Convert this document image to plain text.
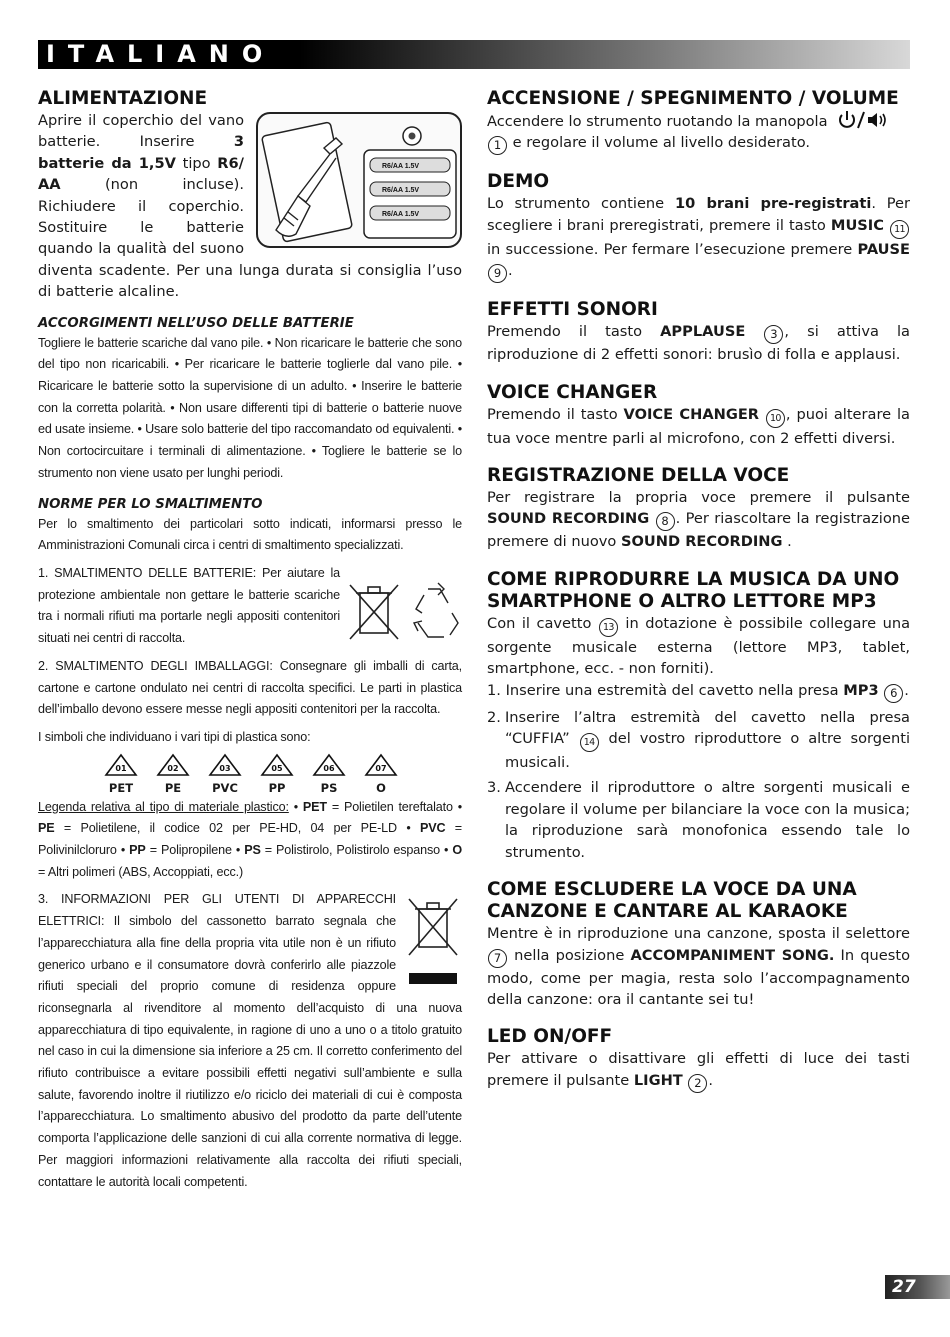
ITALIANO
ALIMENTAZIONE
R6/AA 1.5V
R6/AA 1.5V
R6/AA 1.5V

Aprire il coperchio del vano batterie. Inserire	3 batterie da 1,5V tipo R6/ AA	(non incluse). Richiudere il coperchio. Sostituire le batterie quando la qualità del suono diventa scadente. Per una lunga durata si consiglia l’uso di batterie alcaline.

ACCORGIMENTI NELL’USO DELLE BATTERIE

Togliere le batterie scariche dal vano pile. • Non ricaricare le batterie che sono del tipo non ricaricabili. • Per ricaricare le batterie toglierle dal vano pile. • Ricaricare le batterie sotto la supervisione di un adulto. • Inserire le batterie con la corretta polarità. • Non usare differenti tipi di batterie o batterie nuove ed usate insieme. • Usare solo batterie del tipo raccomandato od equivalenti. • Non cortocircuitare i terminali di alimentazione. • Togliere le batterie se lo strumento non viene usato per lunghi periodi.

NORME PER LO SMALTIMENTO

Per lo smaltimento dei particolari sotto indicati, informarsi presso le Amministrazioni Comunali circa i centri di smaltimento specializzati.

1. SMALTIMENTO DELLE BATTERIE: Per aiutare la protezione ambientale non gettare le batterie scariche tra i normali rifiuti ma portarle negli appositi contenitori situati nei centri di raccolta.

2. SMALTIMENTO DEGLI IMBALLAGGI: Consegnare gli imballi di carta, cartone e cartone ondulato nei centri di raccolta specifici. Le parti in plastica dell’imballo devono essere messe negli appositi contenitori per la raccolta.

I simboli che individuano i vari tipi di plastica sono:

01
PET
02
PE
03
PVC
05
PP
06
PS
07
O

Legenda relativa al tipo di materiale plastico: • PET = Polietilen tereftalato • PE = Polietilene, il codice 02 per PE-HD, 04 per PE-LD • PVC = Polivinilcloruro • PP = Polipropilene • PS = Polistirolo, Polistirolo espanso • O = Altri polimeri (ABS, Accoppiati, ecc.)

3. INFORMAZIONI PER GLI UTENTI DI APPARECCHI ELETTRICI: Il simbolo del cassonetto barrato segnala che l’apparecchiatura alla fine della propria vita utile non è un rifiuto generico urbano e il consumatore dovrà conferirlo alle piazzole rifiuti speciali del proprio comune di residenza oppure riconsegnarla al rivenditore al momento dell’acquisto di una nuova apparecchiatura di tipo equivalente, in ragione di uno a uno o a titolo gratuito nel caso in cui la dimensione sia inferiore a 25 cm. Il corretto conferimento del rifiuto contribuisce a evitare possibili effetti negativi sull’ambiente e sulla salute, favorendo inoltre il riutilizzo e/o riciclo dei materiali di cui è composta l’apparecchiatura. Lo smaltimento abusivo del prodotto da parte dell’utente comporta l’applicazione delle sanzioni di cui alla corrente normativa di legge. Per maggiori informazioni relativamente alla raccolta dei rifiuti speciali, contattare le autorità locali competenti.

ACCENSIONE / SPEGNIMENTO / VOLUME

Accendere lo strumento ruotando la manopola
1 e regolare il volume al livello desiderato.

DEMO

Lo strumento contiene 10 brani pre-registrati. Per scegliere i brani preregistrati, premere il tasto MUSIC 11 in successione. Per fermare l’esecuzione premere PAUSE 9 .

EFFETTI SONORI

Premendo il tasto APPLAUSE 3 , si attiva la riproduzione di 2 effetti sonori: brusìo di folla e applausi.

VOICE CHANGER

Premendo il tasto VOICE CHANGER 10 , puoi alterare la tua voce mentre parli al microfono, con 2 effetti diversi.

REGISTRAZIONE DELLA VOCE

Per registrare la propria voce premere il pulsante SOUND RECORDING 8 . Per riascoltare la registrazione premere di nuovo SOUND RECORDING .

COME RIPRODURRE LA MUSICA DA UNO SMARTPHONE O ALTRO LETTORE MP3

Con il cavetto 13 in dotazione è possibile collegare una sorgente musicale esterna (lettore MP3, tablet, smartphone, ecc. - non forniti).

1. Inserire una estremità del cavetto nella presa MP3 6 .

2. Inserire l’altra estremità del cavetto nella presa “CUFFIA” 14 del vostro riproduttore o altre sorgenti musicali.
3. Accendere il riproduttore o altre sorgenti musicali e regolare il volume per bilanciare la voce con la musica; la riproduzione sarà monofonica essendo tale lo strumento.
COME ESCLUDERE LA VOCE DA UNA CANZONE E CANTARE AL KARAOKE

Mentre è in riproduzione una canzone, sposta il selettore 7 nella posizione ACCOMPANIMENT SONG. In questo modo, come per magia, resta solo l’accompagnamento della canzone: ora il cantante sei tu!

LED ON/OFF

Per attivare o disattivare gli effetti di luce dei tasti premere il pulsante LIGHT 2 .

27
